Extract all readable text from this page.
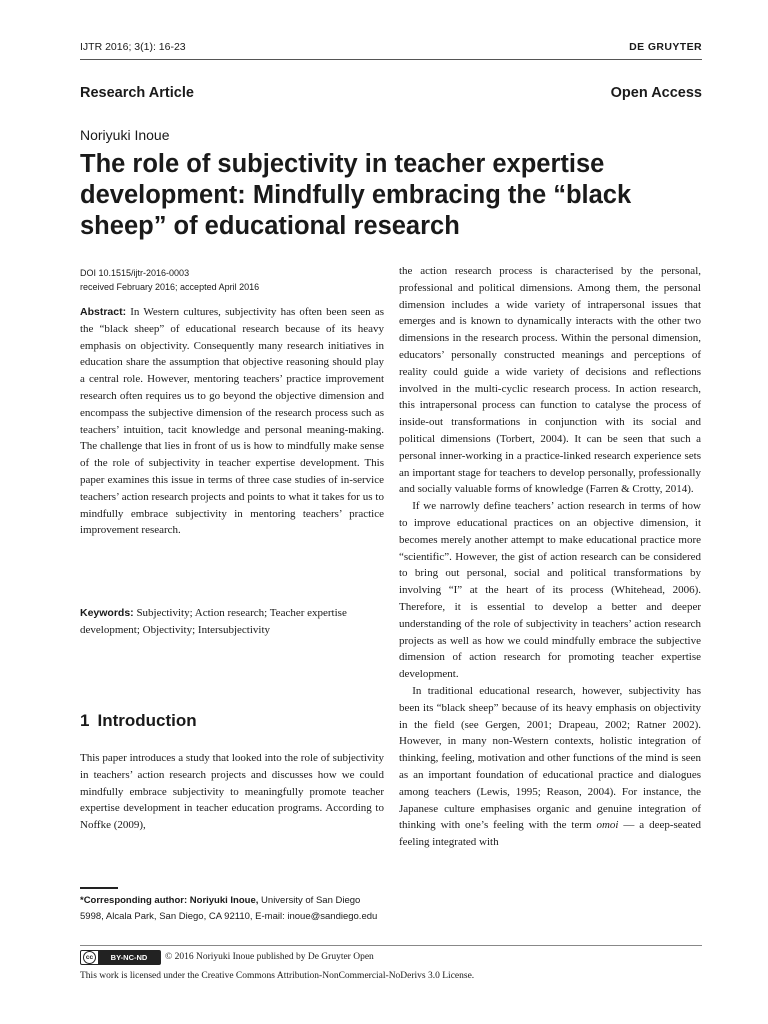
IJTR 2016; 3(1): 16-23	DE GRUYTER
Research Article	Open Access
Noriyuki Inoue
The role of subjectivity in teacher expertise development: Mindfully embracing the “black sheep” of educational research
DOI 10.1515/ijtr-2016-0003
received February 2016; accepted April 2016

Abstract: In Western cultures, subjectivity has often been seen as the “black sheep” of educational research because of its heavy emphasis on objectivity. Consequently many research initiatives in education share the assumption that objective reasoning should play a central role. However, mentoring teachers’ practice improvement research often requires us to go beyond the objective dimension and encompass the subjective dimension of the research process such as teachers’ intuition, tacit knowledge and personal meaning-making. The challenge that lies in front of us is how to mindfully make sense of the role of subjectivity in teacher expertise development. This paper examines this issue in terms of three case studies of in-service teachers’ action research projects and points to what it takes for us to mindfully embrace subjectivity in mentoring teachers’ practice improvement research.

Keywords: Subjectivity; Action research; Teacher expertise development; Objectivity; Intersubjectivity

1 Introduction

This paper introduces a study that looked into the role of subjectivity in teachers’ action research projects and discusses how we could mindfully embrace subjectivity to meaningfully promote teacher expertise development in teacher education programs. According to Noffke (2009),

*Corresponding author: Noriyuki Inoue, University of San Diego 5998, Alcala Park, San Diego, CA 92110, E-mail: inoue@sandiego.edu

the action research process is characterised by the personal, professional and political dimensions. Among them, the personal dimension includes a wide variety of intrapersonal issues that emerges and is known to dynamically interacts with the other two dimensions in the research process. Within the personal dimension, educators’ personally constructed meanings and perceptions of reality could guide a wide variety of decisions and reflections involved in the multi-cyclic research process. In action research, this intrapersonal process can function to catalyse the process of inside-out transformations in conjunction with its social and political dimensions (Torbert, 2004). It can be seen that such a personal inner-working in a practice-linked research experience sets an important stage for teachers to develop personally, professionally and socially valuable forms of knowledge (Farren & Crotty, 2014).

If we narrowly define teachers’ action research in terms of how to improve educational practices on an objective dimension, it becomes merely another attempt to make educational practice more “scientific”. However, the gist of action research can be considered to bring out personal, social and political transformations by involving “I” at the heart of its process (Whitehead, 2006). Therefore, it is essential to develop a better and deeper understanding of the role of subjectivity in teachers’ action research projects as well as how we could mindfully embrace the subjective dimension of action research for promoting teacher expertise development.

In traditional educational research, however, subjectivity has been its “black sheep” because of its heavy emphasis on objectivity in the field (see Gergen, 2001; Drapeau, 2002; Ratner 2002). However, in many non-Western contexts, holistic integration of thinking, feeling, motivation and other functions of the mind is seen as an important foundation of educational practice and dialogues among teachers (Lewis, 1995; Reason, 2004). For instance, the Japanese culture emphasises organic and genuine integration of thinking with one’s feeling with the term omoi — a deep-seated feeling integrated with

cc	BY-NC-ND	© 2016 Noriyuki Inoue published by De Gruyter Open
This work is licensed under the Creative Commons Attribution-NonCommercial-NoDerivs 3.0 License.
